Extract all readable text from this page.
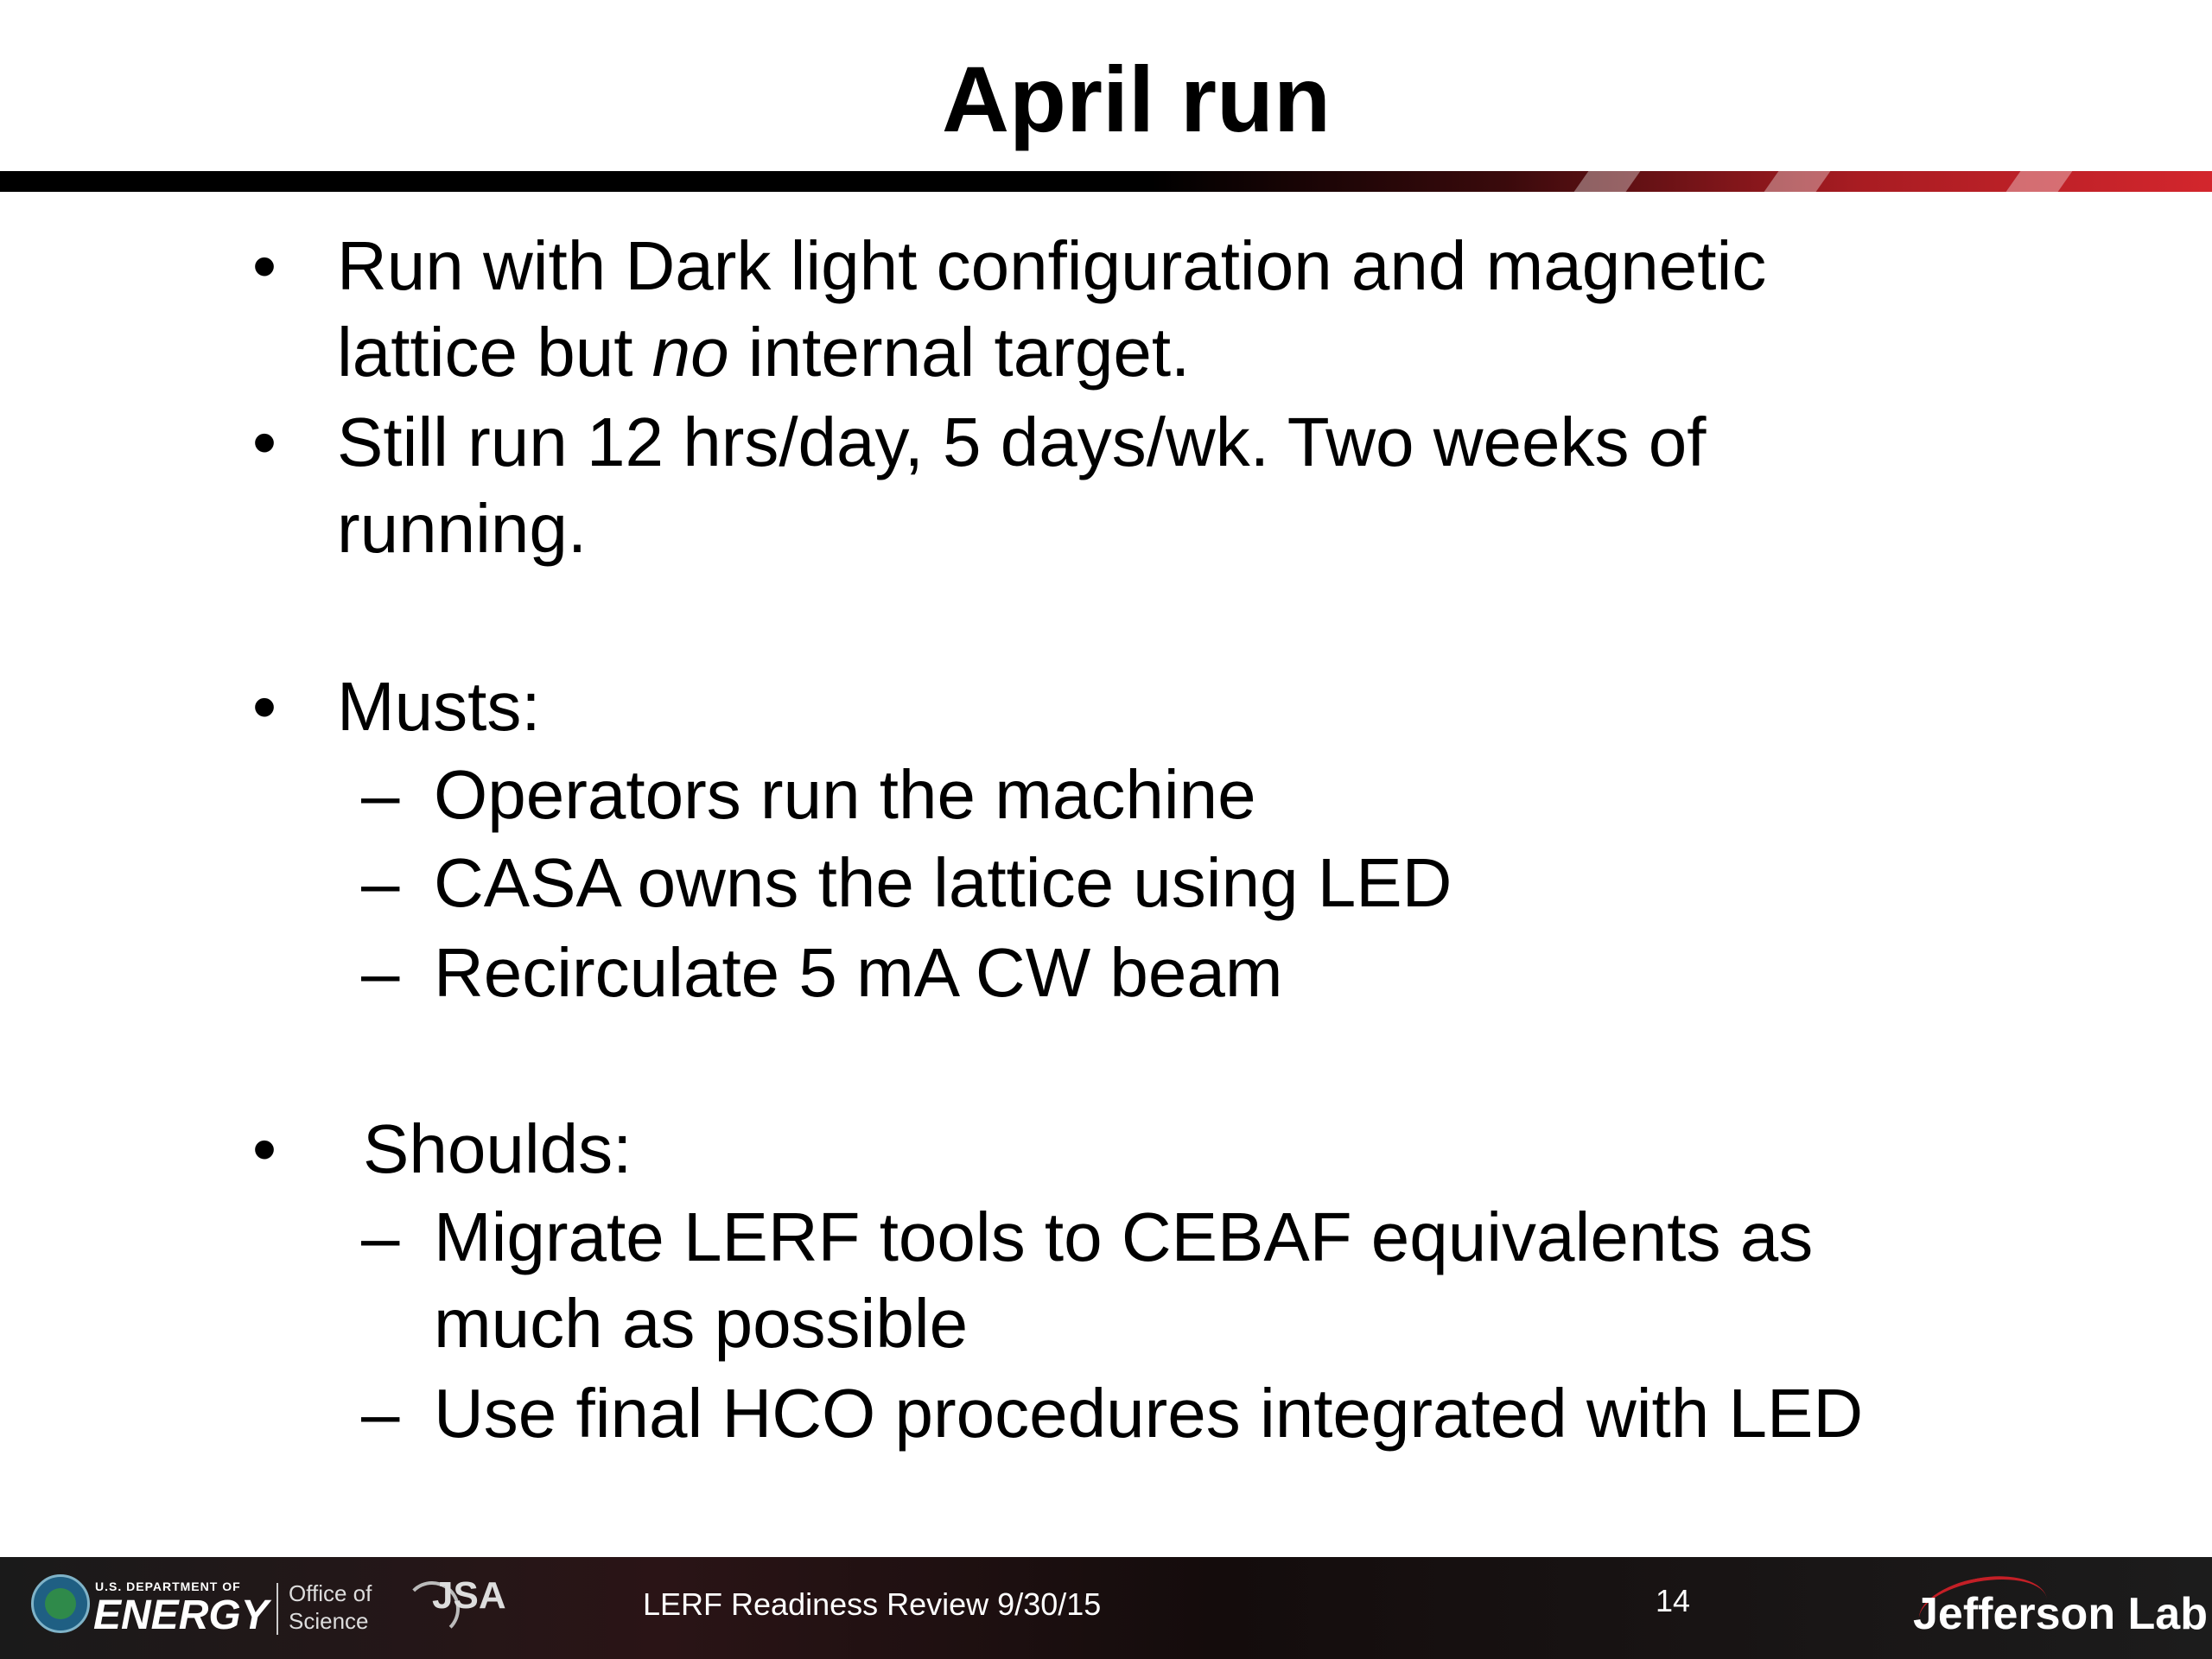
April run
• Run with Dark light configuration and magnetic
lattice but no internal target.
• Still run 12 hrs/day, 5 days/wk. Two weeks of
running.
• Musts:
– Operators run the machine
– CASA owns the lattice using LED
– Recirculate 5 mA CW beam
• Shoulds:
– Migrate LERF tools to CEBAF equivalents as
much as possible
– Use final HCO procedures integrated with LED
U.S. DEPARTMENT OF
ENERGY Office of
Science
JSA	LERF Readiness Review 9/30/15	14	Jefferson Lab
